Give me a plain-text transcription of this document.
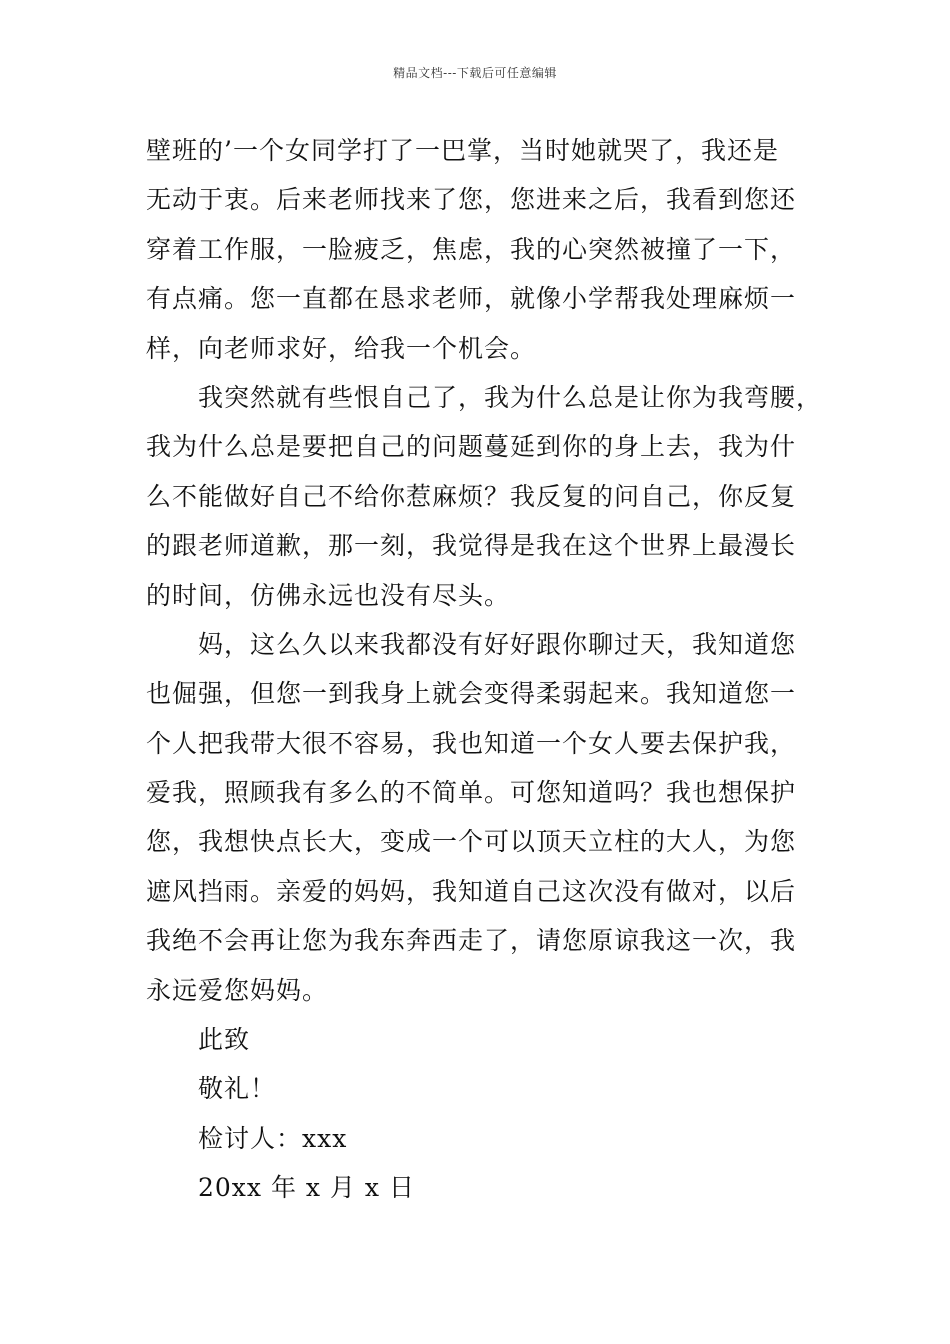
精品文档---下载后可任意编辑
壁班的’一个女同学打了一巴掌，当时她就哭了，我还是
无动于衷。后来老师找来了您，您进来之后，我看到您还
穿着工作服，一脸疲乏，焦虑，我的心突然被撞了一下，
有点痛。您一直都在恳求老师，就像小学帮我处理麻烦一
样，向老师求好，给我一个机会。
我突然就有些恨自己了，我为什么总是让你为我弯腰，
我为什么总是要把自己的问题蔓延到你的身上去，我为什
么不能做好自己不给你惹麻烦？我反复的问自己，你反复
的跟老师道歉，那一刻，我觉得是我在这个世界上最漫长
的时间，仿佛永远也没有尽头。
妈，这么久以来我都没有好好跟你聊过天，我知道您
也倔强，但您一到我身上就会变得柔弱起来。我知道您一
个人把我带大很不容易，我也知道一个女人要去保护我，
爱我，照顾我有多么的不简单。可您知道吗？我也想保护
您，我想快点长大，变成一个可以顶天立柱的大人，为您
遮风挡雨。亲爱的妈妈，我知道自己这次没有做对，以后
我绝不会再让您为我东奔西走了，请您原谅我这一次，我
永远爱您妈妈。
此致
敬礼！
检讨人：xxx
20xx 年 x 月 x 日
